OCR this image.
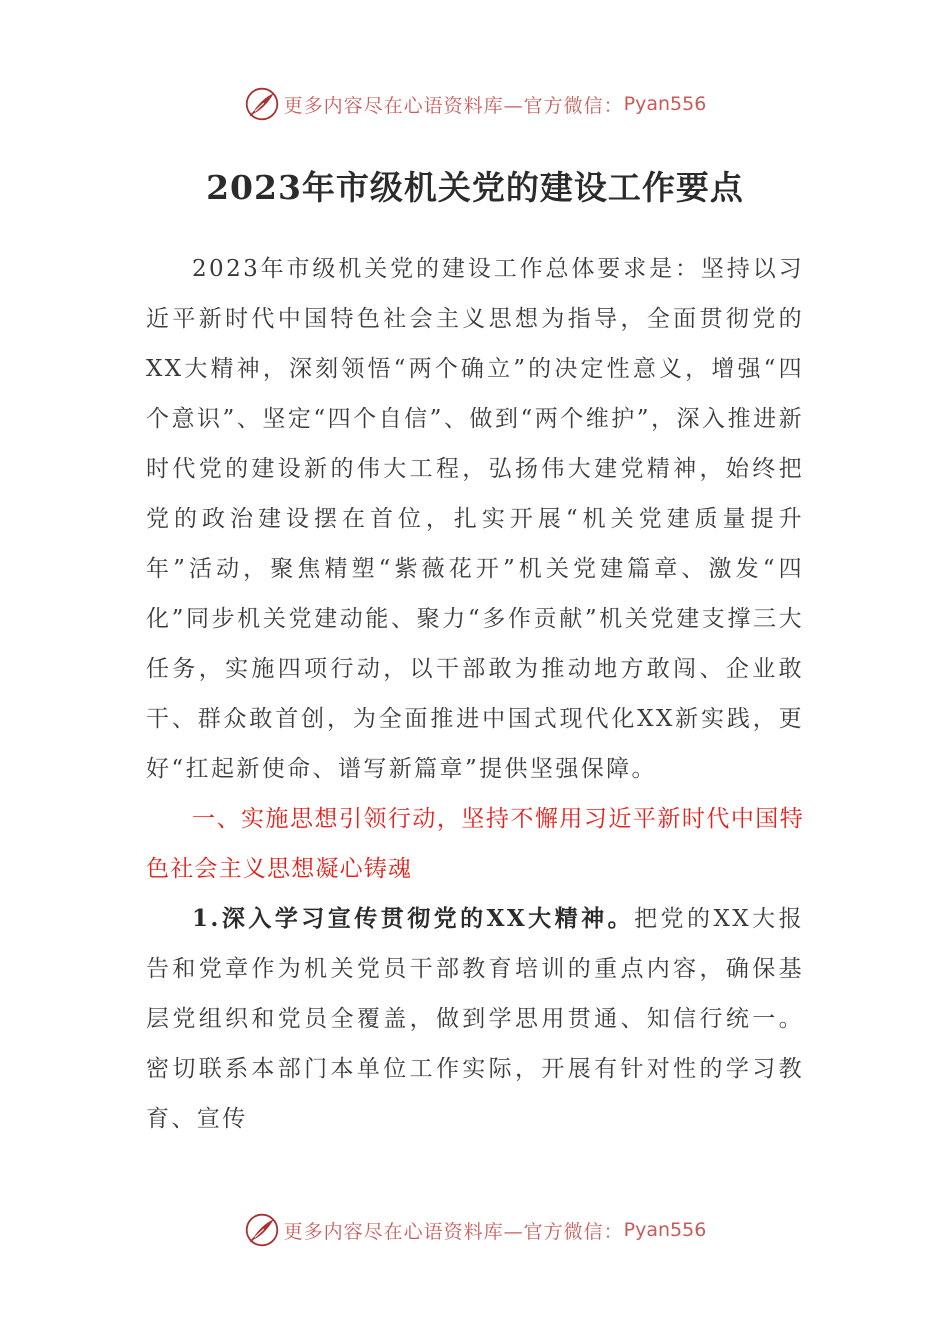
更多内容尽在心语资料库—官方微信： Pyan556
2023年市级机关党的建设工作要点

2023年市级机关党的建设工作总体要求是：坚持以习近平新时代中国特色社会主义思想为指导，全面贯彻党的XX大精神，深刻领悟“两个确立”的决定性意义，增强“四个意识”、坚定“四个自信”、做到“两个维护”，深入推进新时代党的建设新的伟大工程，弘扬伟大建党精神，始终把党的政治建设摆在首位，扎实开展“机关党建质量提升年”活动，聚焦精塑“紫薇花开”机关党建篇章、激发“四化”同步机关党建动能、聚力“多作贡献”机关党建支撑三大任务，实施四项行动，以干部敢为推动地方敢闯、企业敢干、群众敢首创，为全面推进中国式现代化XX新实践，更好“扛起新使命、谱写新篇章”提供坚强保障。

一、实施思想引领行动，坚持不懈用习近平新时代中国特色社会主义思想凝心铸魂

1.深入学习宣传贯彻党的XX大精神。把党的XX大报告和党章作为机关党员干部教育培训的重点内容，确保基层党组织和党员全覆盖，做到学思用贯通、知信行统一。密切联系本部门本单位工作实际，开展有针对性的学习教育、宣传

更多内容尽在心语资料库—官方微信： Pyan556
